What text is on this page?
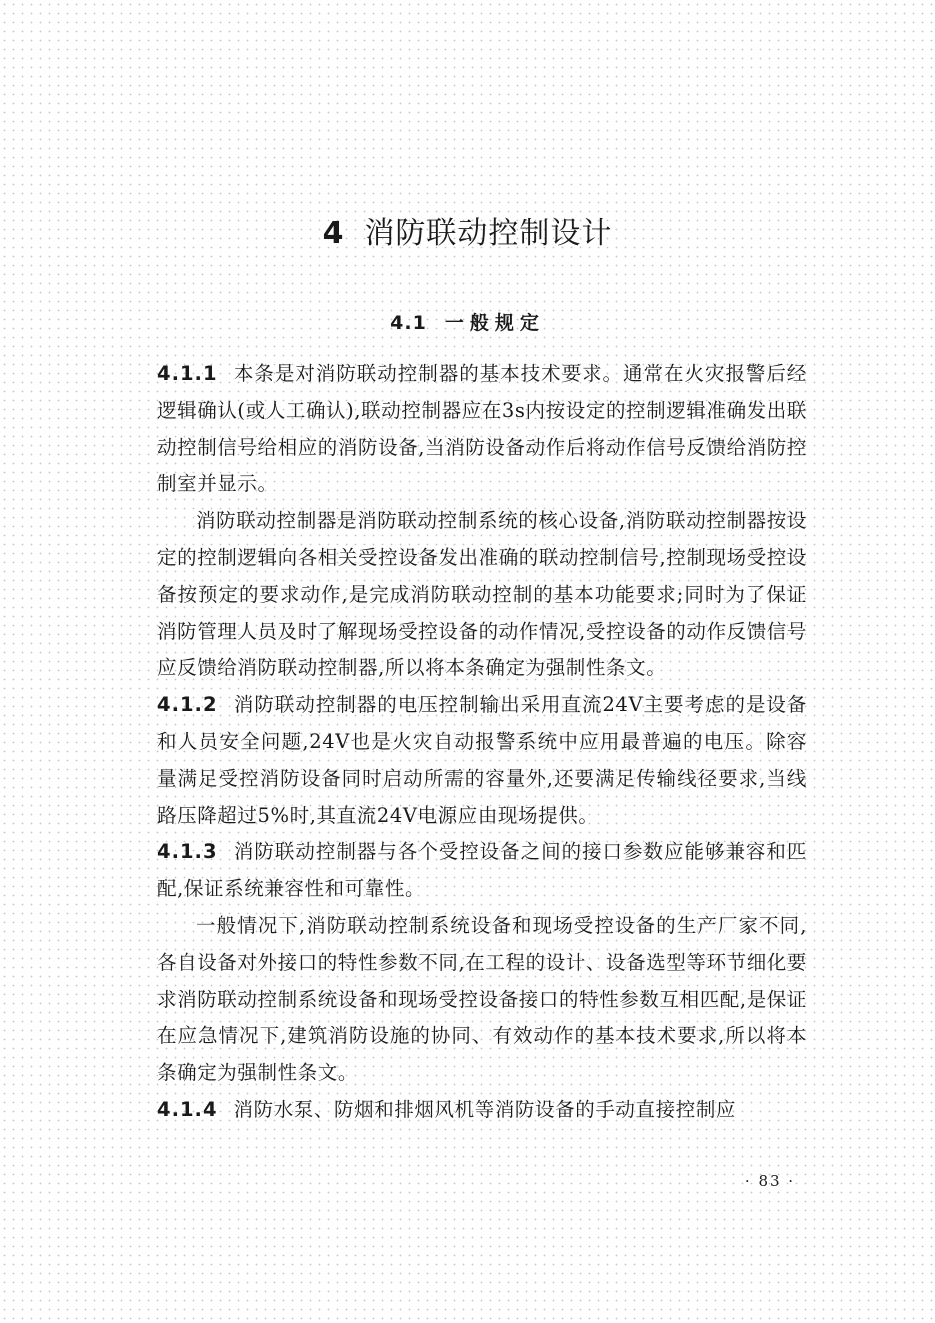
4 消防联动控制设计
4.1 一般规定

4.1.1 本条是对消防联动控制器的基本技术要求。通常在火灾报警后经逻辑确认(或人工确认),联动控制器应在3s内按设定的控制逻辑准确发出联动控制信号给相应的消防设备,当消防设备动作后将动作信号反馈给消防控制室并显示。

消防联动控制器是消防联动控制系统的核心设备,消防联动控制器按设定的控制逻辑向各相关受控设备发出准确的联动控制信号,控制现场受控设备按预定的要求动作,是完成消防联动控制的基本功能要求;同时为了保证消防管理人员及时了解现场受控设备的动作情况,受控设备的动作反馈信号应反馈给消防联动控制器,所以将本条确定为强制性条文。

4.1.2 消防联动控制器的电压控制输出采用直流24V主要考虑的是设备和人员安全问题,24V也是火灾自动报警系统中应用最普遍的电压。除容量满足受控消防设备同时启动所需的容量外,还要满足传输线径要求,当线路压降超过5%时,其直流24V电源应由现场提供。

4.1.3 消防联动控制器与各个受控设备之间的接口参数应能够兼容和匹配,保证系统兼容性和可靠性。

一般情况下,消防联动控制系统设备和现场受控设备的生产厂家不同,各自设备对外接口的特性参数不同,在工程的设计、设备选型等环节细化要求消防联动控制系统设备和现场受控设备接口的特性参数互相匹配,是保证在应急情况下,建筑消防设施的协同、有效动作的基本技术要求,所以将本条确定为强制性条文。

4.1.4 消防水泵、防烟和排烟风机等消防设备的手动直接控制应

· 83 ·
